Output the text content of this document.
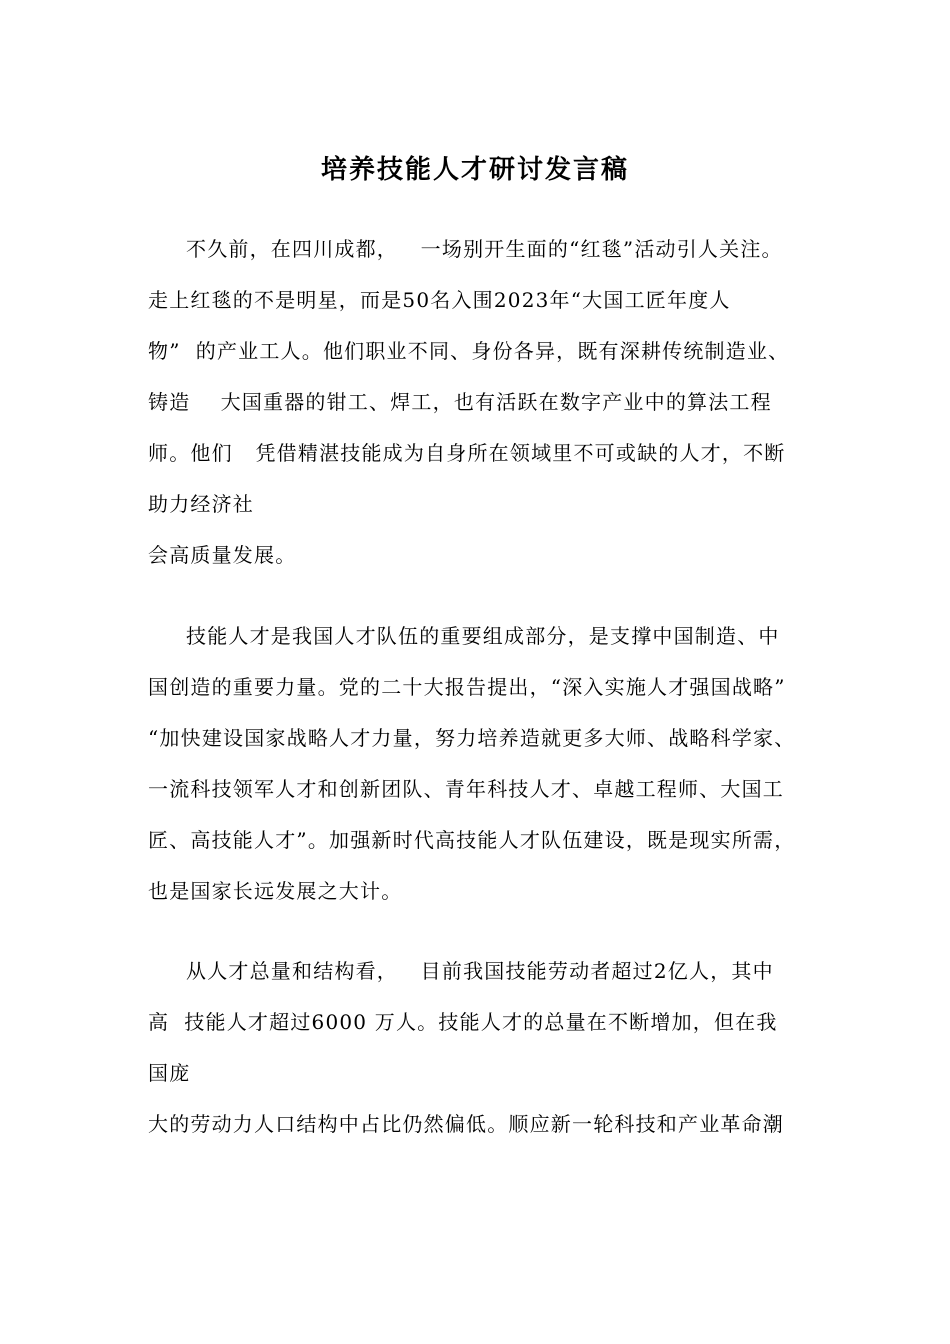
培养技能人才研讨发言稿
不久前，在四川成都，   一场别开生面的“红毯”活动引人关注。
走上红毯的不是明星，而是50名入围2023年“大国工匠年度人
物”  的产业工人。他们职业不同、身份各异，既有深耕传统制造业、
铸造    大国重器的钳工、焊工，也有活跃在数字产业中的算法工程
师。他们   凭借精湛技能成为自身所在领域里不可或缺的人才，不断
助力经济社
会高质量发展。
技能人才是我国人才队伍的重要组成部分，是支撑中国制造、中
国创造的重要力量。党的二十大报告提出，“深入实施人才强国战略”
“加快建设国家战略人才力量，努力培养造就更多大师、战略科学家、
一流科技领军人才和创新团队、青年科技人才、卓越工程师、大国工
匠、高技能人才”。加强新时代高技能人才队伍建设，既是现实所需，
也是国家长远发展之大计。
从人才总量和结构看，   目前我国技能劳动者超过2亿人，其中
高  技能人才超过6000 万人。技能人才的总量在不断增加，但在我
国庞
大的劳动力人口结构中占比仍然偏低。顺应新一轮科技和产业革命潮
